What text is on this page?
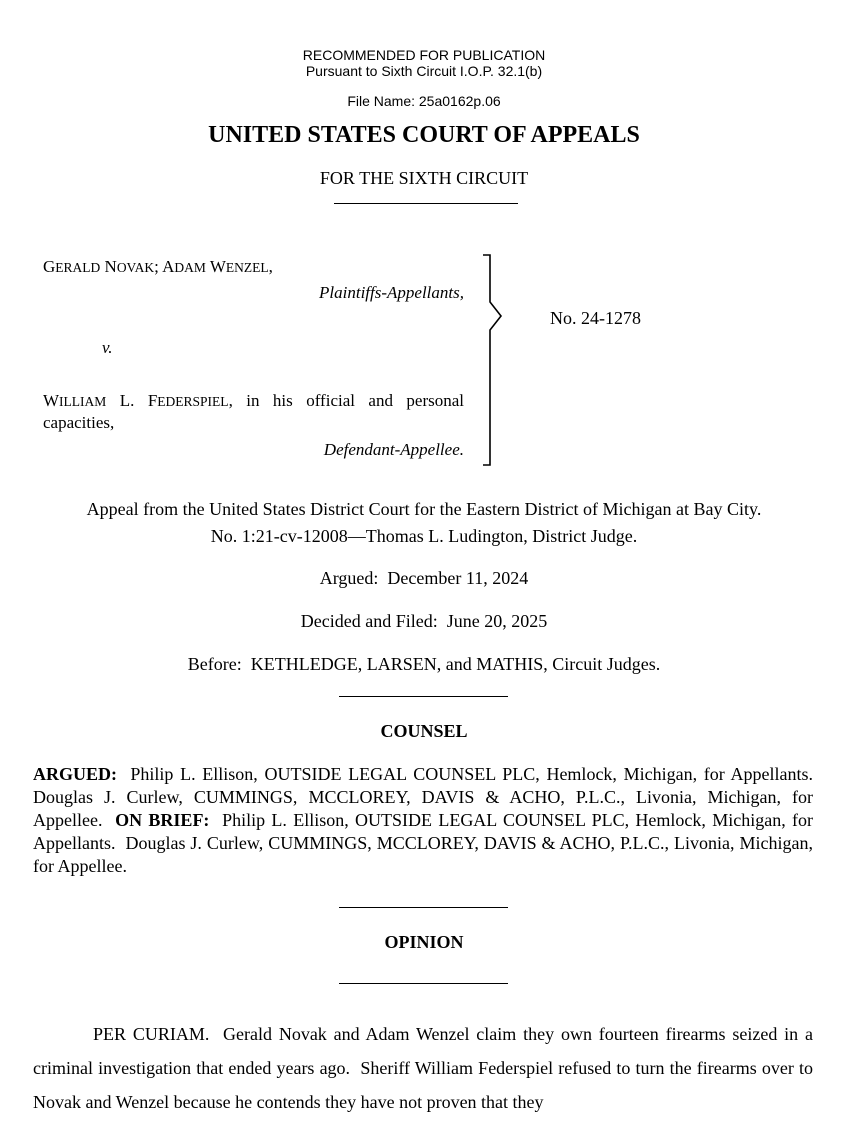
RECOMMENDED FOR PUBLICATION
Pursuant to Sixth Circuit I.O.P. 32.1(b)
File Name: 25a0162p.06
UNITED STATES COURT OF APPEALS
FOR THE SIXTH CIRCUIT
GERALD NOVAK; ADAM WENZEL,
Plaintiffs-Appellants,
v.
WILLIAM L. FEDERSPIEL, in his official and personal capacities,
Defendant-Appellee.
No. 24-1278
Appeal from the United States District Court for the Eastern District of Michigan at Bay City.
No. 1:21-cv-12008—Thomas L. Ludington, District Judge.
Argued:  December 11, 2024
Decided and Filed:  June 20, 2025
Before:  KETHLEDGE, LARSEN, and MATHIS, Circuit Judges.
COUNSEL
ARGUED:  Philip L. Ellison, OUTSIDE LEGAL COUNSEL PLC, Hemlock, Michigan, for Appellants.  Douglas J. Curlew, CUMMINGS, MCCLOREY, DAVIS & ACHO, P.L.C., Livonia, Michigan, for Appellee.  ON BRIEF:  Philip L. Ellison, OUTSIDE LEGAL COUNSEL PLC, Hemlock, Michigan, for Appellants.  Douglas J. Curlew, CUMMINGS, MCCLOREY, DAVIS & ACHO, P.L.C., Livonia, Michigan, for Appellee.
OPINION
PER CURIAM.  Gerald Novak and Adam Wenzel claim they own fourteen firearms seized in a criminal investigation that ended years ago.  Sheriff William Federspiel refused to turn the firearms over to Novak and Wenzel because he contends they have not proven that they
